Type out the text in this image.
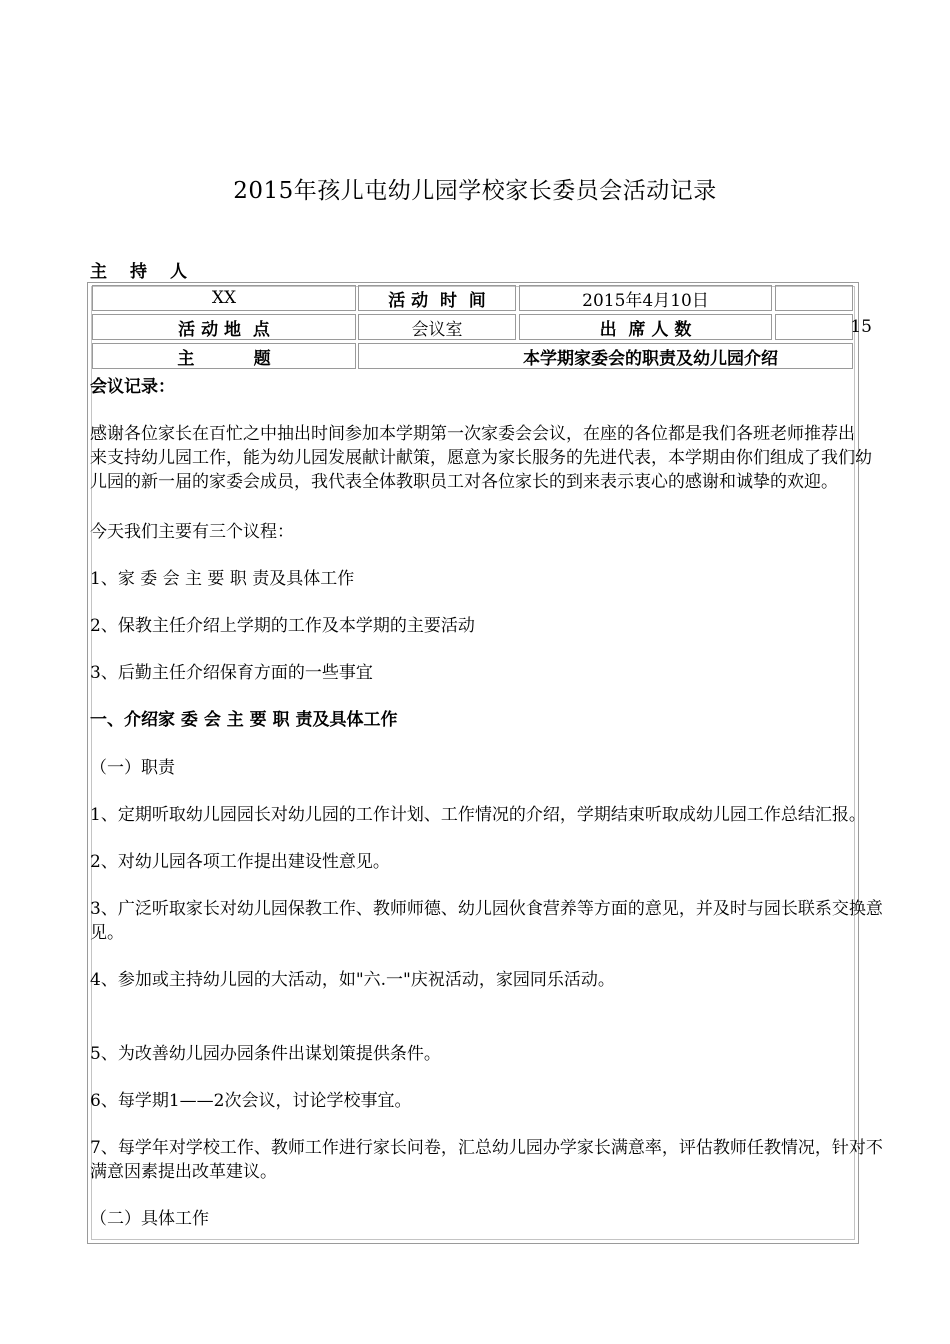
2015年孩儿屯幼儿园学校家长委员会活动记录
主 持 人
XX	活 动  时  间	2015年4月10日
活 动 地  点	会议室	出  席 人 数	15
主          题	本学期家委会的职责及幼儿园介绍
会议记录：
感谢各位家长在百忙之中抽出时间参加本学期第一次家委会会议，在座的各位都是我们各班老师推荐出
来支持幼儿园工作，能为幼儿园发展献计献策，愿意为家长服务的先进代表，本学期由你们组成了我们幼
儿园的新一届的家委会成员，我代表全体教职员工对各位家长的到来表示衷心的感谢和诚挚的欢迎。
今天我们主要有三个议程：
1、家 委 会 主 要 职 责及具体工作
2、保教主任介绍上学期的工作及本学期的主要活动
3、后勤主任介绍保育方面的一些事宜
一、介绍家 委 会 主 要 职 责及具体工作
（一）职责
1、定期听取幼儿园园长对幼儿园的工作计划、工作情况的介绍，学期结束听取成幼儿园工作总结汇报。
2、对幼儿园各项工作提出建设性意见。
3、广泛听取家长对幼儿园保教工作、教师师德、幼儿园伙食营养等方面的意见，并及时与园长联系交换意
见。
4、参加或主持幼儿园的大活动，如"六.一"庆祝活动，家园同乐活动。
5、为改善幼儿园办园条件出谋划策提供条件。
6、每学期1——2次会议，讨论学校事宜。
7、每学年对学校工作、教师工作进行家长问卷，汇总幼儿园办学家长满意率，评估教师任教情况，针对不
满意因素提出改革建议。
（二）具体工作
